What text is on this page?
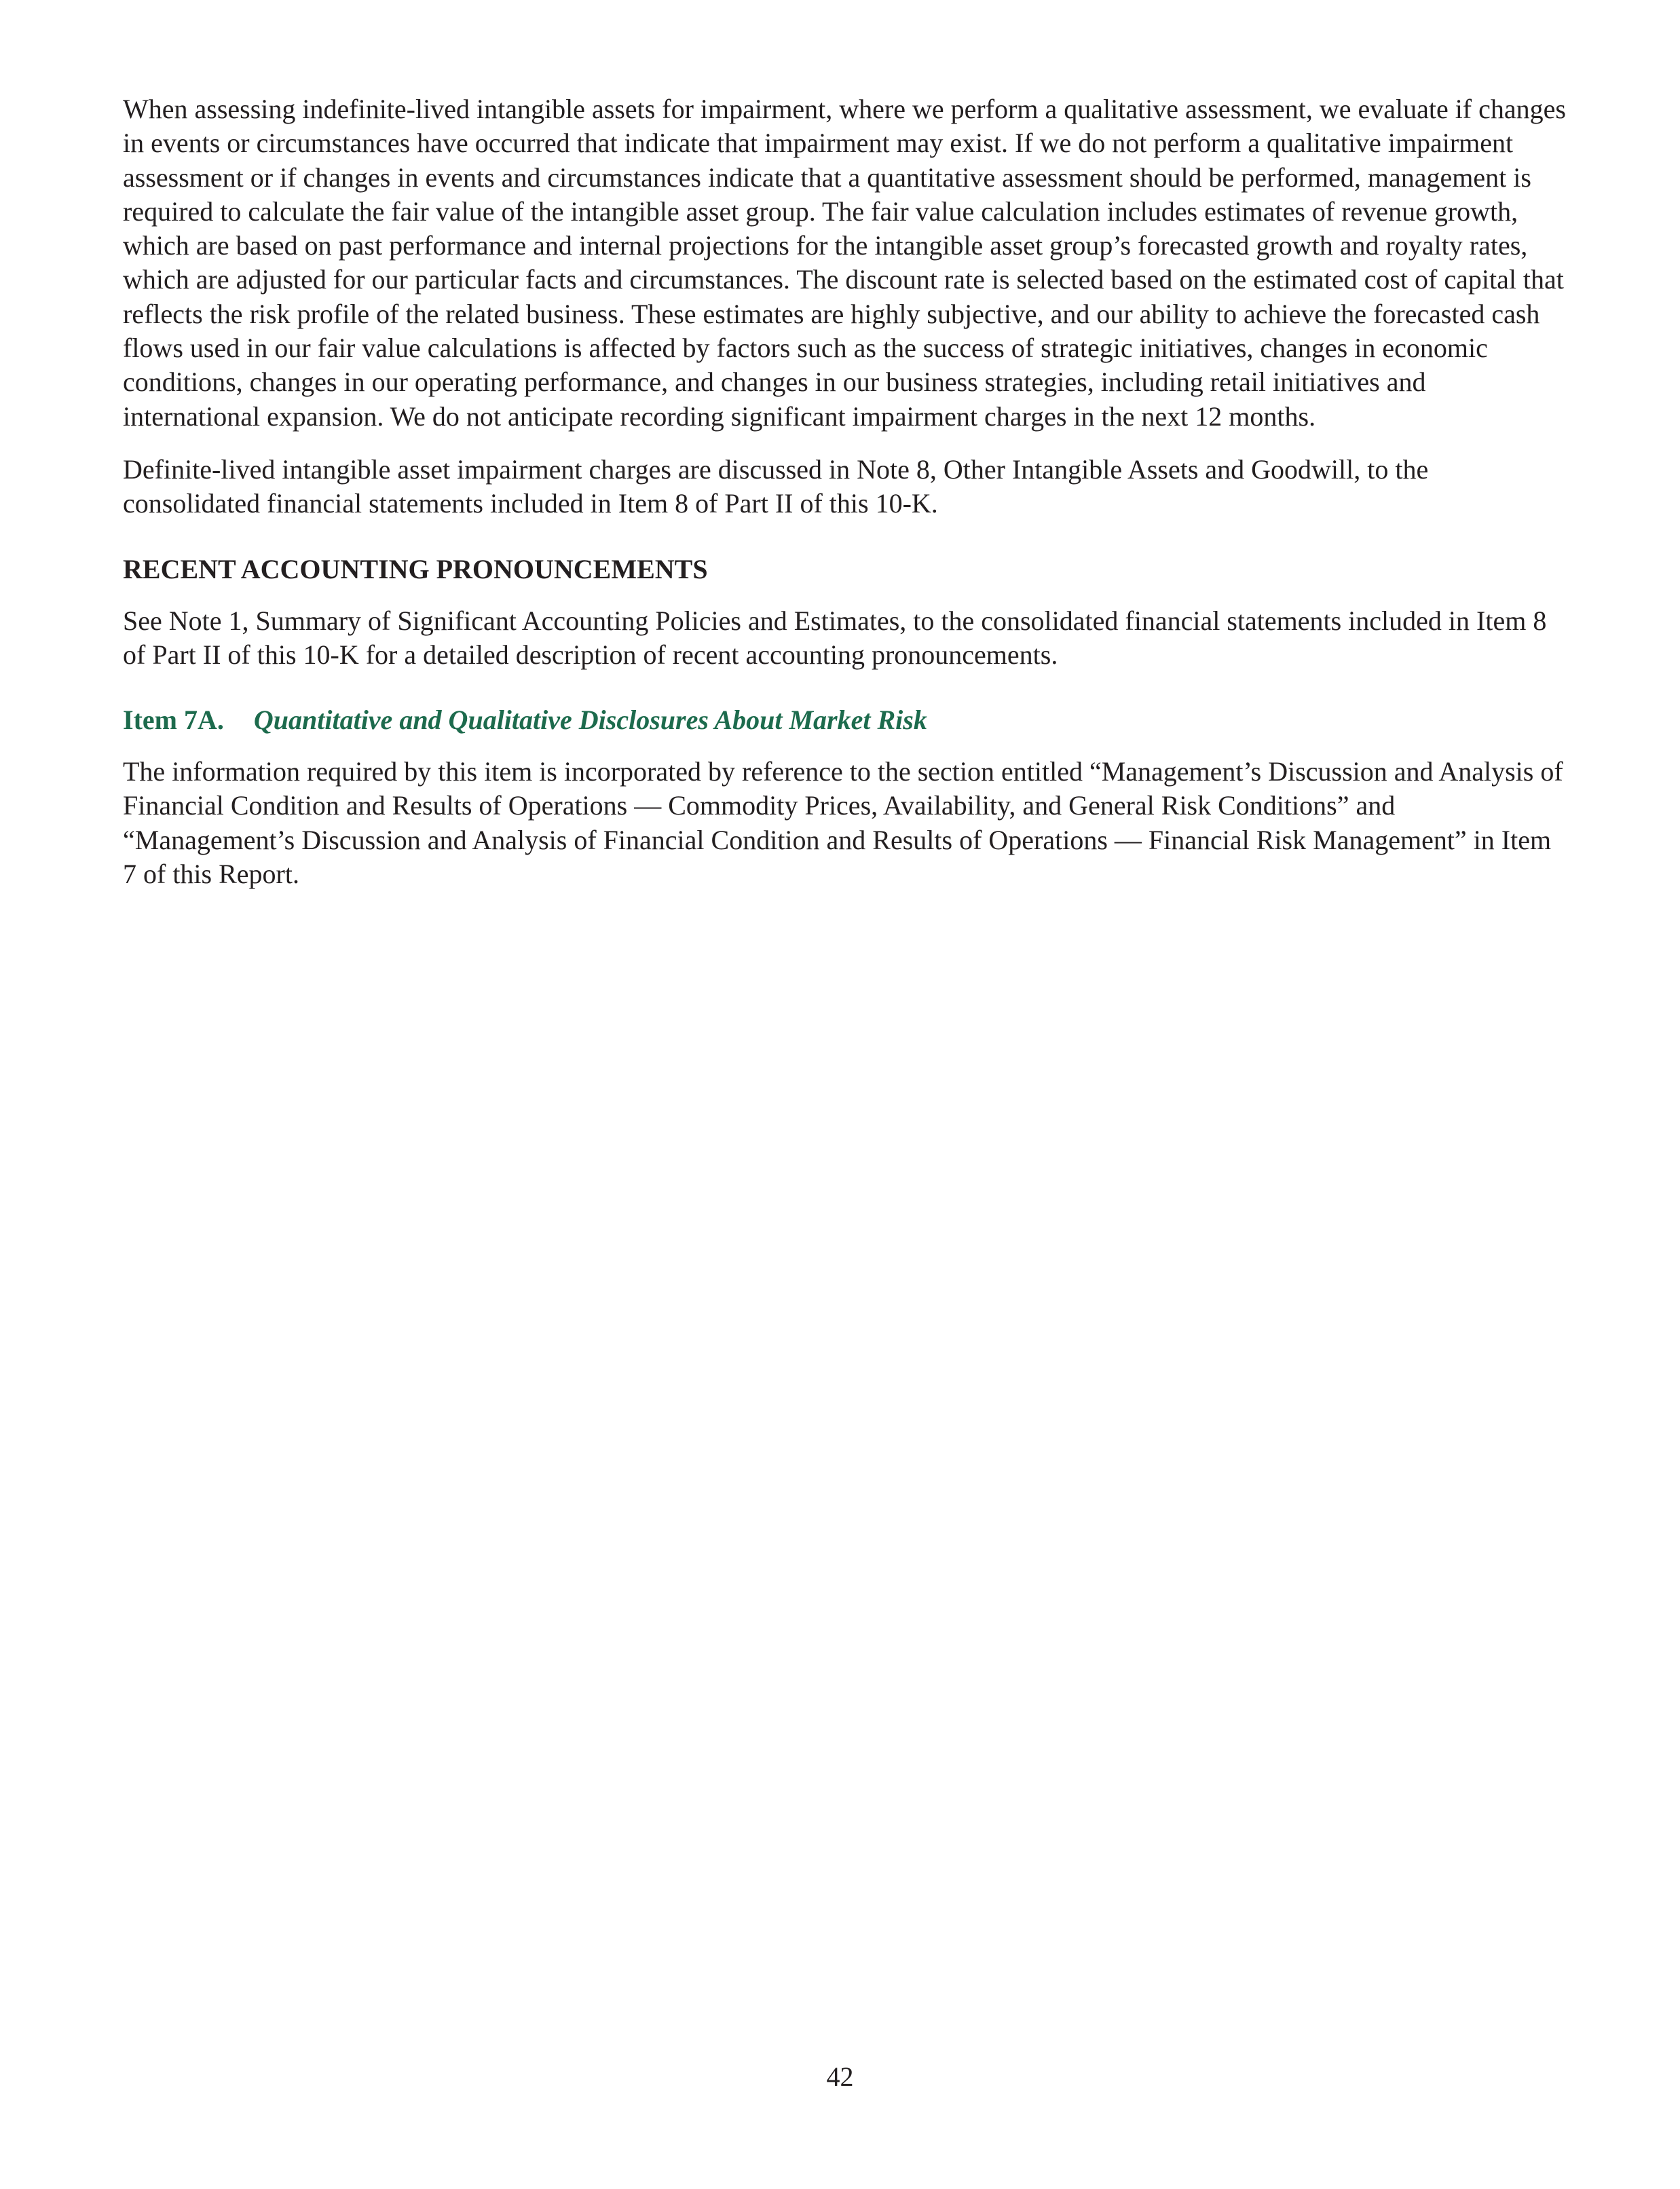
When assessing indefinite-lived intangible assets for impairment, where we perform a qualitative assessment, we evaluate if changes in events or circumstances have occurred that indicate that impairment may exist. If we do not perform a qualitative impairment assessment or if changes in events and circumstances indicate that a quantitative assessment should be performed, management is required to calculate the fair value of the intangible asset group. The fair value calculation includes estimates of revenue growth, which are based on past performance and internal projections for the intangible asset group’s forecasted growth and royalty rates, which are adjusted for our particular facts and circumstances. The discount rate is selected based on the estimated cost of capital that reflects the risk profile of the related business. These estimates are highly subjective, and our ability to achieve the forecasted cash flows used in our fair value calculations is affected by factors such as the success of strategic initiatives, changes in economic conditions, changes in our operating performance, and changes in our business strategies, including retail initiatives and international expansion. We do not anticipate recording significant impairment charges in the next 12 months.

Definite-lived intangible asset impairment charges are discussed in Note 8, Other Intangible Assets and Goodwill, to the consolidated financial statements included in Item 8 of Part II of this 10-K.

RECENT ACCOUNTING PRONOUNCEMENTS

See Note 1, Summary of Significant Accounting Policies and Estimates, to the consolidated financial statements included in Item 8 of Part II of this 10-K for a detailed description of recent accounting pronouncements.

Item 7A. Quantitative and Qualitative Disclosures About Market Risk

The information required by this item is incorporated by reference to the section entitled “Management’s Discussion and Analysis of Financial Condition and Results of Operations — Commodity Prices, Availability, and General Risk Conditions” and “Management’s Discussion and Analysis of Financial Condition and Results of Operations — Financial Risk Management” in Item 7 of this Report.

42
